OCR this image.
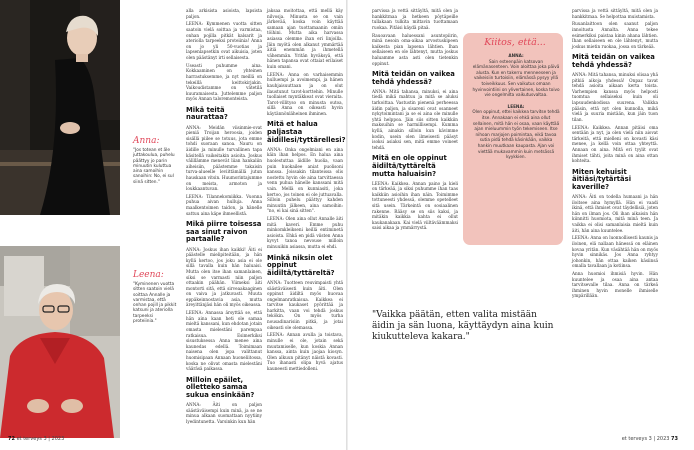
Anna:
"Jos totean et äle juttakoulua, puhelu päättyy jo parin minuutin kuluttua aina samoihin sanoihin: No, ei sul siinä sitten."
Leena:
"Kyminenen vuotta sitten saatoin vielä soittaa Annalle ja varmistaa, että onhan pojill ja pikkit katsuni ja ateriolla tarpeeksi proteiinia."

alla arkisista asioista, lapsista paljon.

LEENA: Kymmenen vuotta sitten saatoin vielä soittaa ja varmistaa, onhan pojilla pitkät kalsarit ja ateriolla tarpeeksi proteiinia! Anna on jo yli 50-vuotias ja lapsenlapsetkin ovat aikuisia, joten olen päästänyt irti sellaisesta.

Useasti puhumme aina. Kokkaaminen on yhteinen harrastuksemme, ja nyt meillä on tekeillä keittokirjakin. Vaikoudistamme on vätetilä kuuramaisesta. Juttelemme paljon myös Annan taloremonteista.

Mikä teitä naurattaa?

ANNA: Meidän viisinmie-ovat pieniä Troijan heroosia, joiden sisällä piilee se totuus, jota emme tohdi suoraan sanoa. Nauru on äidille ja minulle turvallinen tapa käsitellä vaikeitakin asioita. Joskus välillämme menevät liian hankaliin aiheisiin, päästemme takaisin turva-alueelle leviittämällä jutun hauskaan vitsin. Huumorintajumme on meista, armoton ja loukkaantuvan.

LEENA: Tilannekomiikka. Vuonna puhua aivan hulluja. Anna maalkentoimen taidon, ja hänelle sattuu aina käpe ihmeellistä.

Mikä piirre toisessa saa sinut raivon partaalle?

ANNA: Joskus ihan kaikki! Äiti ei päästelle mielipiteitään, ja hän kyllä kertoo, jos joku asia ei ole sillä tavalla kuin hän haluaisi. Mutta olen itse ihan samanlainen, siksi se varmasti niin paljon ottaakin päähän. Viimeksi äiti montorti sitä, että sirveaakaaginen on vaiva ja jatkuvasti. Muuta eppäkeinnostavia asia, mutta äreyittänjäsi hän oli myös oikeassa.

LEENA: Annassa ärsyttää se, että hän aina kaan heti ole samaa mieltä kanssani, kun ehdotan jotain omasta mielestäni parempaa ratkaisua. Esimerkiksi sisustuksessa Anna menee aina kaunedas edellä. Toimimaan naisena olen jopa valittanut huomisipaan Annaan huoneliitossa, koska ne olivat omasta mielestäni vääräsä paikassa.

Milloin epäilet, olletteko samaa sukua ensinkään?

ANNA: Äiti on paljon säästäväisempi kuin minä, ja se ne minua alkaan suomattaan nyytiiny lyedintunetta. Varsinkin kun hän

jaksaa moitottaa, että mellä käy nilvosja. Minusta se on vain järkevää, koska voin käyttää samaan ajan tuottamaanin omiin töihini. Mutta aika harvassa asiassa olemme ihan eri linjoilla. Jäin myötä olen alkanut ymmärtää äitiä enemmän ja ihmetellä vähemmän. Yritän hyväksyä, että hänen tapansa ovat ottaiat erilaiset kuin omani.

LEENA: Anna on varhaisemmin hulluempi ja avoimempi, ja hänen kauhjaisuuttaan ja on olut ilaustunut tarot-korttehin. Minulle tuollaiset myntäkkeat ovat vieraita. Tarot-villityso on minusta outoa, sillä Anna on oikeasti hyvin käytännönläheinen ihminen.

Mitä et halua paljastaa äidillesi/tyttärellesi?

ANNA: Onka ongelmiani en aina käin ihan helpos. En halua aina huolestuttaa äidille huolia, vaan puin huokailee aniat puolisoni kanssa. Joissakin tilanteissa olis nostettu hyvin ole aina tarvittaessa venn puhua hänelle kanssani mitä vain. Mellä on kunniasiti, joka kertoo, jos toinen ei ole juttuavalla. Silloin puhelu päättyy kahden minuutin jälkeen, aina samoihin: "no, ei kai sinä sitten".

LEENA: Olen aina ollut Annalle äiti mitä kaveri. Emme puhu minkomkleikseni keillä entiminetä asioista. Ehkä en pidä viisten Anna kyvyt tanoa nevouse milloin minuuikin asiassa, mutta ei ehdi.

Minkä niksin olet oppinut äidiltä/tyttäreltä?

ANNA: Tuotteen reuvimpaisti yhtä säästäväisesti kuin äiti. Olen oppinut äidiltä myös huovaa ongelmanratkaisua. Kaikkea ei tarvitse kaukaset pyörittää ja harkitta, vaan voi tehdä joskus tekökin. On myös turha nousadinarisiin pitkä, ja jotai oikeasti ole olemassa.

LEENA: Annan avulla ja toistava, minulle ei ole, jotain sekä muutamiselle, kun koskia Annan kanssa, ainta kuin jaojaa kiosyn. Olen alkuun pitänyt näistä kovasti. Tuo ihanasti olipa hyvä ajatus kauneesti mettiedolleni.

Kiitos, että...

ANNA:
Sain esteenpäin katsovan elämänasenteen. Voin aloittaa joka päivä alusta. Kun en takerru menneeseen ja vaikeisiin turtoisiin, elämässä pysyy yllä toiveikkuus. Sen vaikutus omaan hyvinvointiini on ylivertainen, koska toivo vie ongelmilta vaikutusvaltaa.

LEENA:
Olen oppinut, ettei kaikkea tarvitse tehdä itse. Annakaan ei ehkä aina ollut sellainen, mitä hän ei osaa, vaan käyttää ajan mieluummin työn tekemiseen. Itse nihoan marjojen poimintaa, eikä tavoa sutia pidä tehdä käsinkään, vaikka hankin muutkaan kaupasta. Ajan voi viettää mukavammin kuin metsässä kyykkien.

"Vaikka päätän, etten valita mistään äidin ja sän luona, käyttäydyn aina kuin kiukutteleva kakara."

parvissa ja vettä sittäyltä, mitä olen ja hankkitmaa. Se helpottaa muistamista.

Ruuanlaittoon olen saanut paljon innoitusta Annalta. Anna tekee esimerkiksi paistaa kinin ahana lähtien. Ihan sellaiseen en ole lähtenyt, mutta joskus mietin ruokaa, jossa on tärkeää.

Mitä teidän on vaikea tehdä yhdessä?

ANNA: Mitä tahansa, minuksi olisaa yhä pitkiä aikoja yhdessä! Onpaz tavat tehdä asioita aikaan kerta toista. Varhempien kanssa myös helposti tuomtua sellaiseksi kuin oli lapsuudenkodissa suurena. Valikka pääsin, että nyt olen kunnolla, mikä vielä ja suuria mistään, kun jäin tuon tilan.

LEENA: Kaikkea. Annan pitäisi oma sentään ja nyt, ja olen vielä niin aiovat tärkeitä, että mielleni on kovasti käsi menee, ja kellä voin ottaa yhteyttä. Annaan on aina. Mitä eri tyylit ovat ihmiset tähti, joita minä on aina ottan kohteita.

Miten kehuisit äitiäsi/tytärtäsi kaverille?

ANNA: Äiti on todella humaani ja hän iloitsee aina hymyllä. Hän ei vaadi ikinä, että ihmiset ovat täydellisiä, joten hän on ilman jos. Oli ihan aikaisin hän kiinnitti huomiota, mitä minä teen. Ja vaikka ei olisi samanlaisia mieltä kuin äiti, hän aina kuuntelee.

LEENA: Anna on luonnollisesti kaunis ja iloinen, elä nallaan hänessä on eläinen kovaa yritän. Kun väsähtää hän on myös hyvin sinnikäs. Jos Anna ryhtyy johonkin, hän ottaa kaiken käsiinsä omalla tavallaan ja kotiinsa.

Anna huomioi ihmisiä hyvin. Hän kuuntelee ja osaa aina antaa tarvitsevalle tilaa. Anna on tärkeä ihminen hyvin monelle ihmiselle ympärillään.

parvissa ja vettä sittäyltä, mitä olen ja hankkitmaa ja hetkeen pöytäpeille tullakaan tulkita mittavin tuottamaan ruokaa. Pitäisi käydä pitaä.

Rauoavaan haluessani asuntopiirin, minä nesoin oma-aikaa arvostuskipeen kaikesta pian lapsena lähtien. Ihan sellaiseen en ole lähtenyt, mutta joskus haluamme asta asti olen tietenkin oppinut.

Mitä teidän on vaikea tehdä yhdessä?

ANNA: Mitä tahansa, minuksi, ei aina tiedä mikä mahtuu ja mitä se aluksi tarkoittaa. Vastustin pienenä perheessa äidin paljon, ja sisareni ovat osanneet nykytoimintani ja se ei aina ole minulle yhtä helppoa. Jäin siis sitten kaikkiin maksuihin se harmillisempi. Kumma kyllä, ainakin silloin kun kävimme kodin, usein olen ilmeisesti pääsyt isoksi asiaksi sen, mitä emme voineet tehdä.

Mitä en ole oppinut äidiltä/tyttäreltä mutta haluaisin?

LEENA: Kaikkea. Annan paino ja kieli on tärkeää, ja siksi puhumme ihan taas kaikkiin asioihin ihan näin. Toimimme tottuneesti yhdessä, olemme opetelleet sitä usein. Tärkeintä on sosiaalinen rakenne. Rääsy se on siis kaksi, ja mitäkin kaikkia kahta ei ollut kaukanakaan. Kai vielä viiltäväämmaksi saisi aikaa ja ymmärrystä.

72 et terveys 3 | 2023	et terveys 3 | 2023 73
